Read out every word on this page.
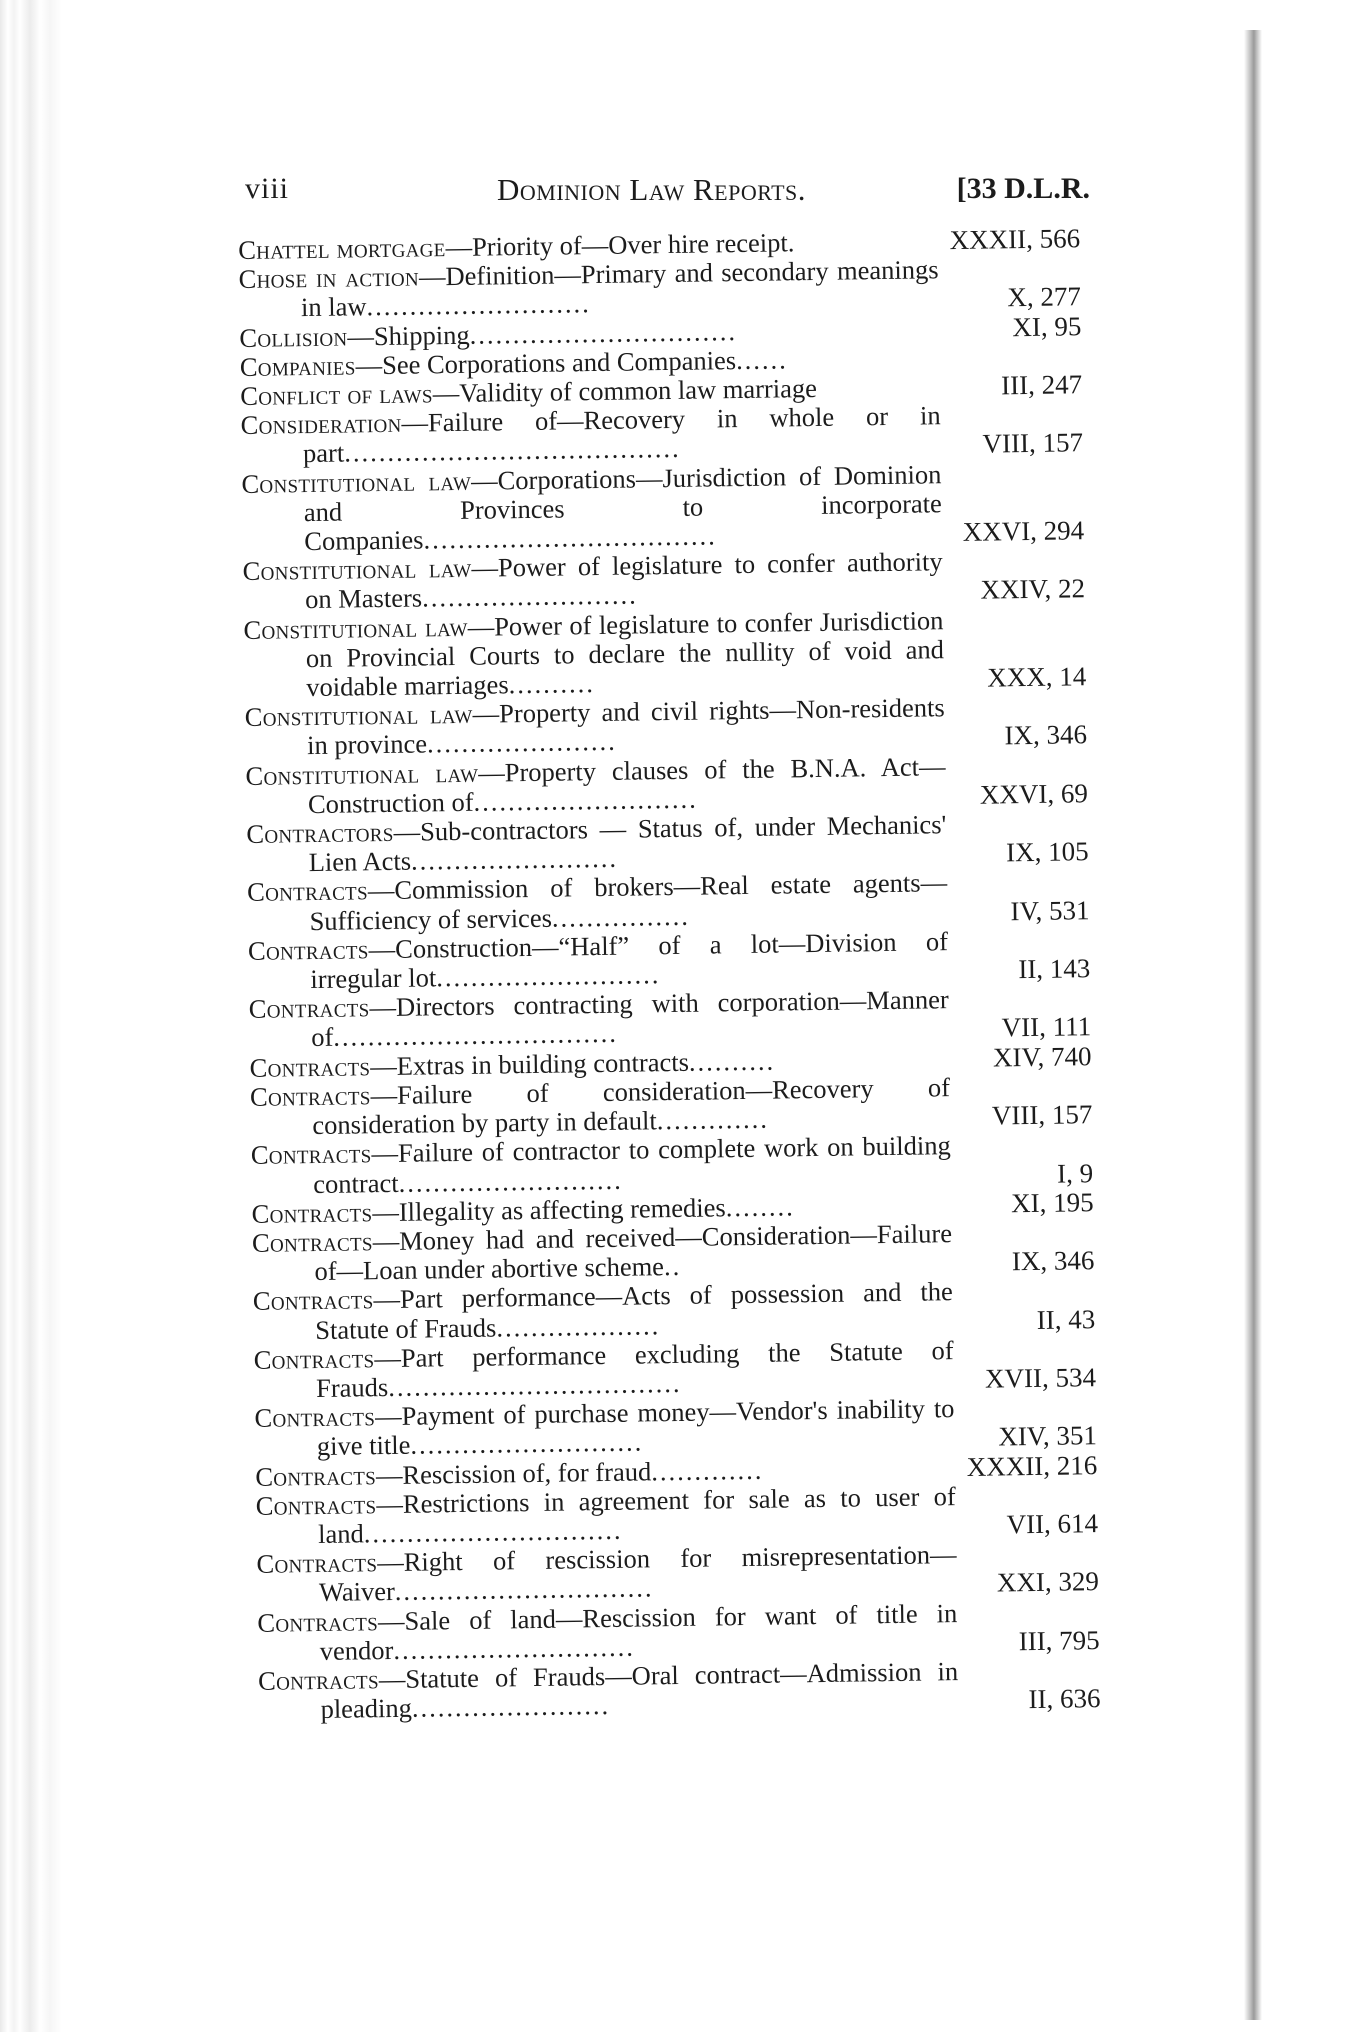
viii	Dominion Law Reports.	[33 D.L.R.
Chattel mortgage—Priority of—Over hire receipt.	XXXII, 566
Chose in action—Definition—Primary and secondary meanings in law..........................	X, 277
Collision—Shipping...............................	XI, 95
Companies—See Corporations and Companies......
Conflict of laws—Validity of common law marriage	III, 247
Consideration—Failure of—Recovery in whole or in part.......................................	VIII, 157
Constitutional law—Corporations—Jurisdiction of Dominion and Provinces to incorporate Companies..................................	XXVI, 294
Constitutional law—Power of legislature to confer authority on Masters.........................	XXIV, 22
Constitutional law—Power of legislature to confer Jurisdiction on Provincial Courts to declare the nullity of void and voidable marriages..........	XXX, 14
Constitutional law—Property and civil rights—Non-residents in province......................	IX, 346
Constitutional law—Property clauses of the B.N.A. Act—Construction of..........................	XXVI, 69
Contractors—Sub-contractors — Status of, under Mechanics' Lien Acts........................	IX, 105
Contracts—Commission of brokers—Real estate agents—Sufficiency of services................	IV, 531
Contracts—Construction—“Half” of a lot—Division of irregular lot..........................	II, 143
Contracts—Directors contracting with corporation—Manner of.................................	VII, 111
Contracts—Extras in building contracts..........	XIV, 740
Contracts—Failure of consideration—Recovery of consideration by party in default.............	VIII, 157
Contracts—Failure of contractor to complete work on building contract..........................	I, 9
Contracts—Illegality as affecting remedies........	XI, 195
Contracts—Money had and received—Consideration—Failure of—Loan under abortive scheme..	IX, 346
Contracts—Part performance—Acts of possession and the Statute of Frauds...................	II, 43
Contracts—Part performance excluding the Statute of Frauds..................................	XVII, 534
Contracts—Payment of purchase money—Vendor's inability to give title...........................	XIV, 351
Contracts—Rescission of, for fraud.............	XXXII, 216
Contracts—Restrictions in agreement for sale as to user of land..............................	VII, 614
Contracts—Right of rescission for misrepresentation—Waiver..............................	XXI, 329
Contracts—Sale of land—Rescission for want of title in vendor............................	III, 795
Contracts—Statute of Frauds—Oral contract—Admission in pleading.......................	II, 636
